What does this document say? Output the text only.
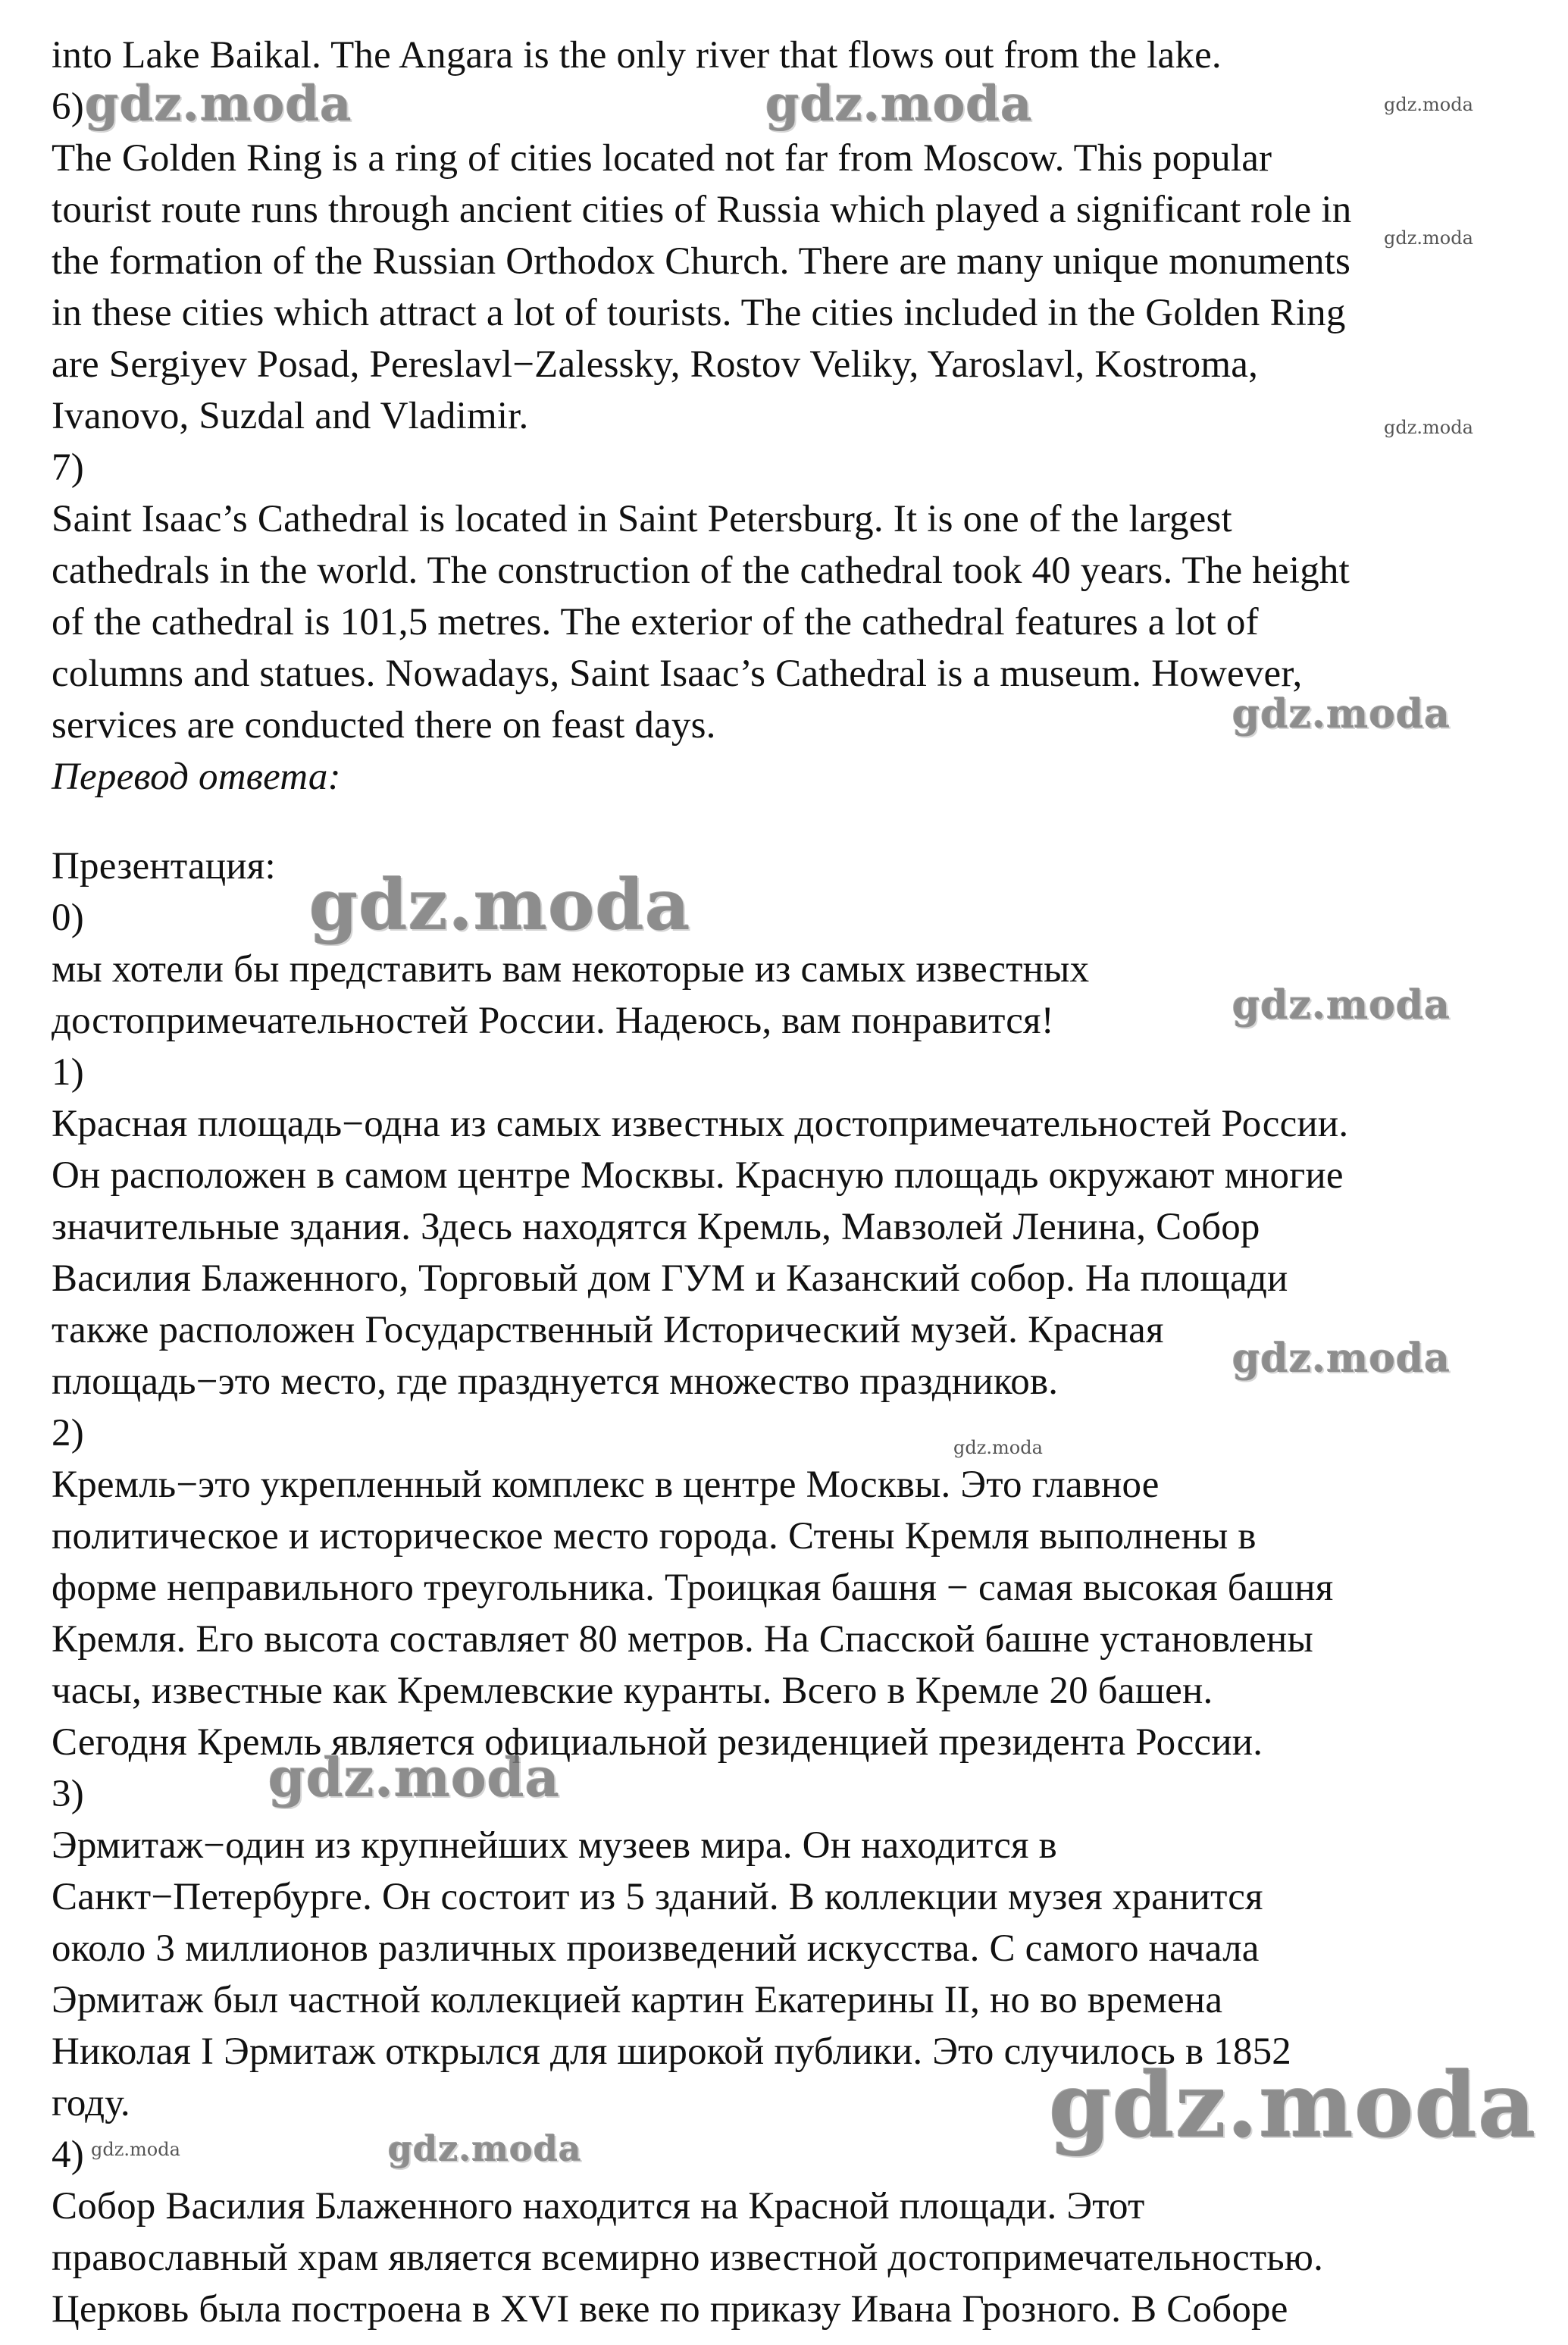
into Lake Baikal. The Angara is the only river that flows out from the lake.
6)
The Golden Ring is a ring of cities located not far from Moscow. This popular
tourist route runs through ancient cities of Russia which played a significant role in
the formation of the Russian Orthodox Church. There are many unique monuments
in these cities which attract a lot of tourists. The cities included in the Golden Ring
are Sergiyev Posad, Pereslavl−Zalessky, Rostov Veliky, Yaroslavl, Kostroma,
Ivanovo, Suzdal and Vladimir.
7)
Saint Isaac’s Cathedral is located in Saint Petersburg. It is one of the largest
cathedrals in the world. The construction of the cathedral took 40 years. The height
of the cathedral is 101,5 metres. The exterior of the cathedral features a lot of
columns and statues. Nowadays, Saint Isaac’s Cathedral is a museum. However,
services are conducted there on feast days.
Перевод ответа:
Презентация:
0)
мы хотели бы представить вам некоторые из самых известных
достопримечательностей России. Надеюсь, вам понравится!
1)
Красная площадь−одна из самых известных достопримечательностей России.
Он расположен в самом центре Москвы. Красную площадь окружают многие
значительные здания. Здесь находятся Кремль, Мавзолей Ленина, Собор
Василия Блаженного, Торговый дом ГУМ и Казанский собор. На площади
также расположен Государственный Исторический музей. Красная
площадь−это место, где празднуется множество праздников.
2)
Кремль−это укрепленный комплекс в центре Москвы. Это главное
политическое и историческое место города. Стены Кремля выполнены в
форме неправильного треугольника. Троицкая башня − самая высокая башня
Кремля. Его высота составляет 80 метров. На Спасской башне установлены
часы, известные как Кремлевские куранты. Всего в Кремле 20 башен.
Сегодня Кремль является официальной резиденцией президента России.
3)
Эрмитаж−один из крупнейших музеев мира. Он находится в
Санкт−Петербурге. Он состоит из 5 зданий. В коллекции музея хранится
около 3 миллионов различных произведений искусства. С самого начала
Эрмитаж был частной коллекцией картин Екатерины II, но во времена
Николая I Эрмитаж открылся для широкой публики. Это случилось в 1852
году.
4)
Собор Василия Блаженного находится на Красной площади. Этот
православный храм является всемирно известной достопримечательностью.
Церковь была построена в XVI веке по приказу Ивана Грозного. В Соборе
gdz.moda	gdz.moda	gdz.moda
gdz.moda
gdz.moda
gdz.moda
gdz.moda
gdz.moda
gdz.moda
gdz.moda
gdz.moda
gdz.moda
gdz.moda	gdz.moda
